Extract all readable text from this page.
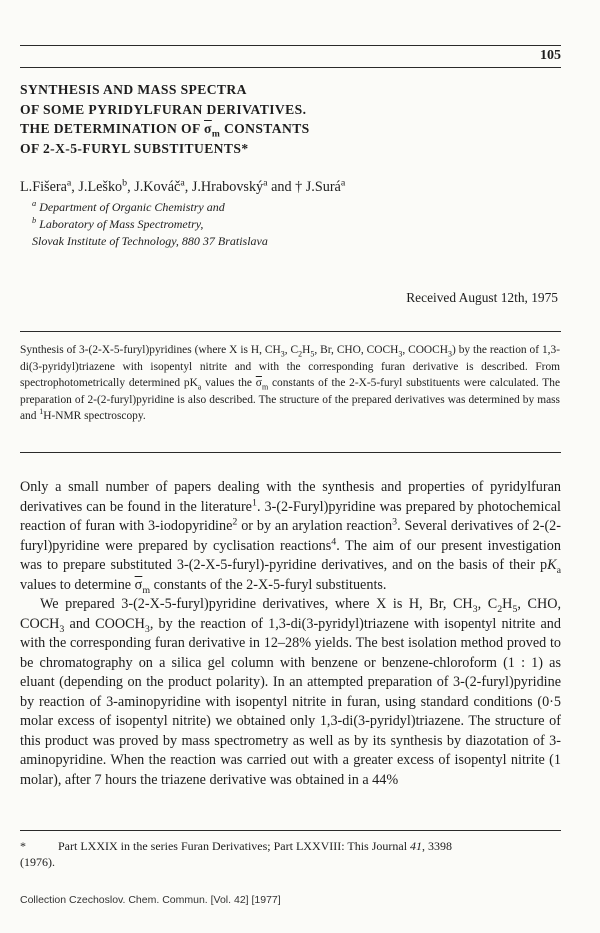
105
SYNTHESIS AND MASS SPECTRA
OF SOME PYRIDYLFURAN DERIVATIVES.
THE DETERMINATION OF $\sigma_m$ CONSTANTS
OF 2-X-5-FURYL SUBSTITUENTS*
L.Fišera$^a$, J.Leško$^b$, J.Kováč$^a$, J.Hrabovský$^a$ and † J.Surá$^a$
$^a$ Department of Organic Chemistry and
$^b$ Laboratory of Mass Spectrometry,
Slovak Institute of Technology, 880 37 Bratislava
Received August 12th, 1975

Synthesis of 3-(2-X-5-furyl)pyridines (where X is H, $CH_3$, $C_2H_5$, Br, CHO, $COCH_3$, $COOCH_3$) by the reaction of 1,3-di(3-pyridyl)triazene with isopentyl nitrite and with the corresponding furan derivative is described. From spectrophotometrically determined $pK_a$ values the $\overline{\sigma}_m$ constants of the 2-X-5-furyl substituents were calculated. The preparation of 2-(2-furyl)pyridine is also described. The structure of the prepared derivatives was determined by mass and $^1$H-NMR spectroscopy.

Only a small number of papers dealing with the synthesis and properties of pyridylfuran derivatives can be found in the literature$^1$. 3-(2-Furyl)pyridine was prepared by photochemical reaction of furan with 3-iodopyridine$^2$ or by an arylation reaction$^3$. Several derivatives of 2-(2-furyl)pyridine were prepared by cyclisation reactions$^4$. The aim of our present investigation was to prepare substituted 3-(2-X-5-furyl)-pyridine derivatives, and on the basis of their $pK_a$ values to determine $\overline{\sigma}_m$ constants of the 2-X-5-furyl substituents.

We prepared 3-(2-X-5-furyl)pyridine derivatives, where X is H, Br, $CH_3$, $C_2H_5$, CHO, $COCH_3$ and $COOCH_3$, by the reaction of 1,3-di(3-pyridyl)triazene with isopentyl nitrite and with the corresponding furan derivative in 12–28% yields. The best isolation method proved to be chromatography on a silica gel column with benzene or benzene-chloroform (1 : 1) as eluant (depending on the product polarity). In an attempted preparation of 3-(2-furyl)pyridine by reaction of 3-aminopyridine with isopentyl nitrite in furan, using standard conditions (0·5 molar excess of isopentyl nitrite) we obtained only 1,3-di(3-pyridyl)triazene. The structure of this product was proved by mass spectrometry as well as by its synthesis by diazotation of 3-aminopyridine. When the reaction was carried out with a greater excess of isopentyl nitrite (1 molar), after 7 hours the triazene derivative was obtained in a 44%

*	Part LXXIX in the series Furan Derivatives; Part LXXVIII: This Journal 41, 3398
(1976).
Collection Czechoslov. Chem. Commun. [Vol. 42] [1977]
